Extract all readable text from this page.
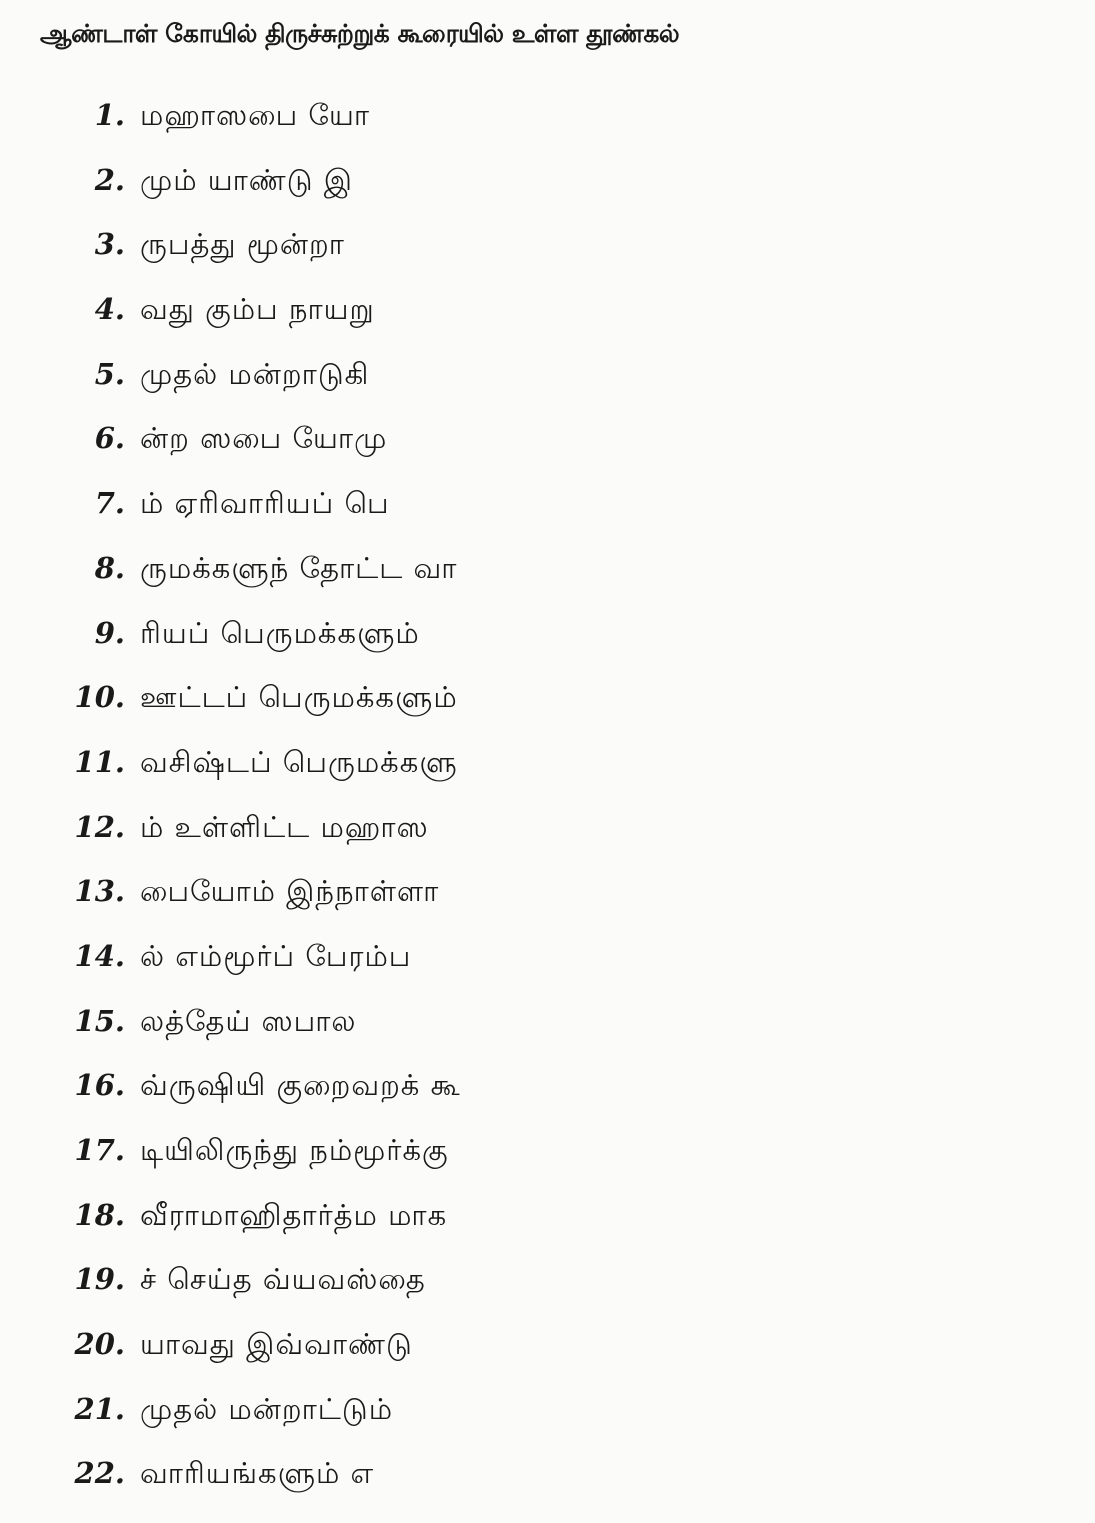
ஆண்டாள் கோயில் திருச்சுற்றுக் கூரையில் உள்ள தூண்கல்
1. மஹாஸபை யோ
2. மும் யாண்டு இ
3. ருபத்து மூன்றா
4. வது கும்ப நாயறு
5. முதல் மன்றாடுகி
6. ன்ற ஸபை யோமு
7. ம் ஏரிவாரியப் பெ
8. ருமக்களுந் தோட்ட வா
9. ரியப் பெருமக்களும்
10. ஊட்டப் பெருமக்களும்
11. வசிஷ்டப் பெருமக்களு
12. ம் உள்ளிட்ட மஹாஸ
13. பையோம் இந்நாள்ளா
14. ல் எம்மூர்ப் பேரம்ப
15. லத்தேய் ஸபால
16. வ்ருஷியி குறைவறக் கூ
17. டியிலிருந்து நம்மூர்க்கு
18. வீராமாஹிதார்த்ம மாக
19. ச் செய்த வ்யவஸ்தை
20. யாவது இவ்வாண்டு
21. முதல் மன்றாட்டும்
22. வாரியங்களும் எ
